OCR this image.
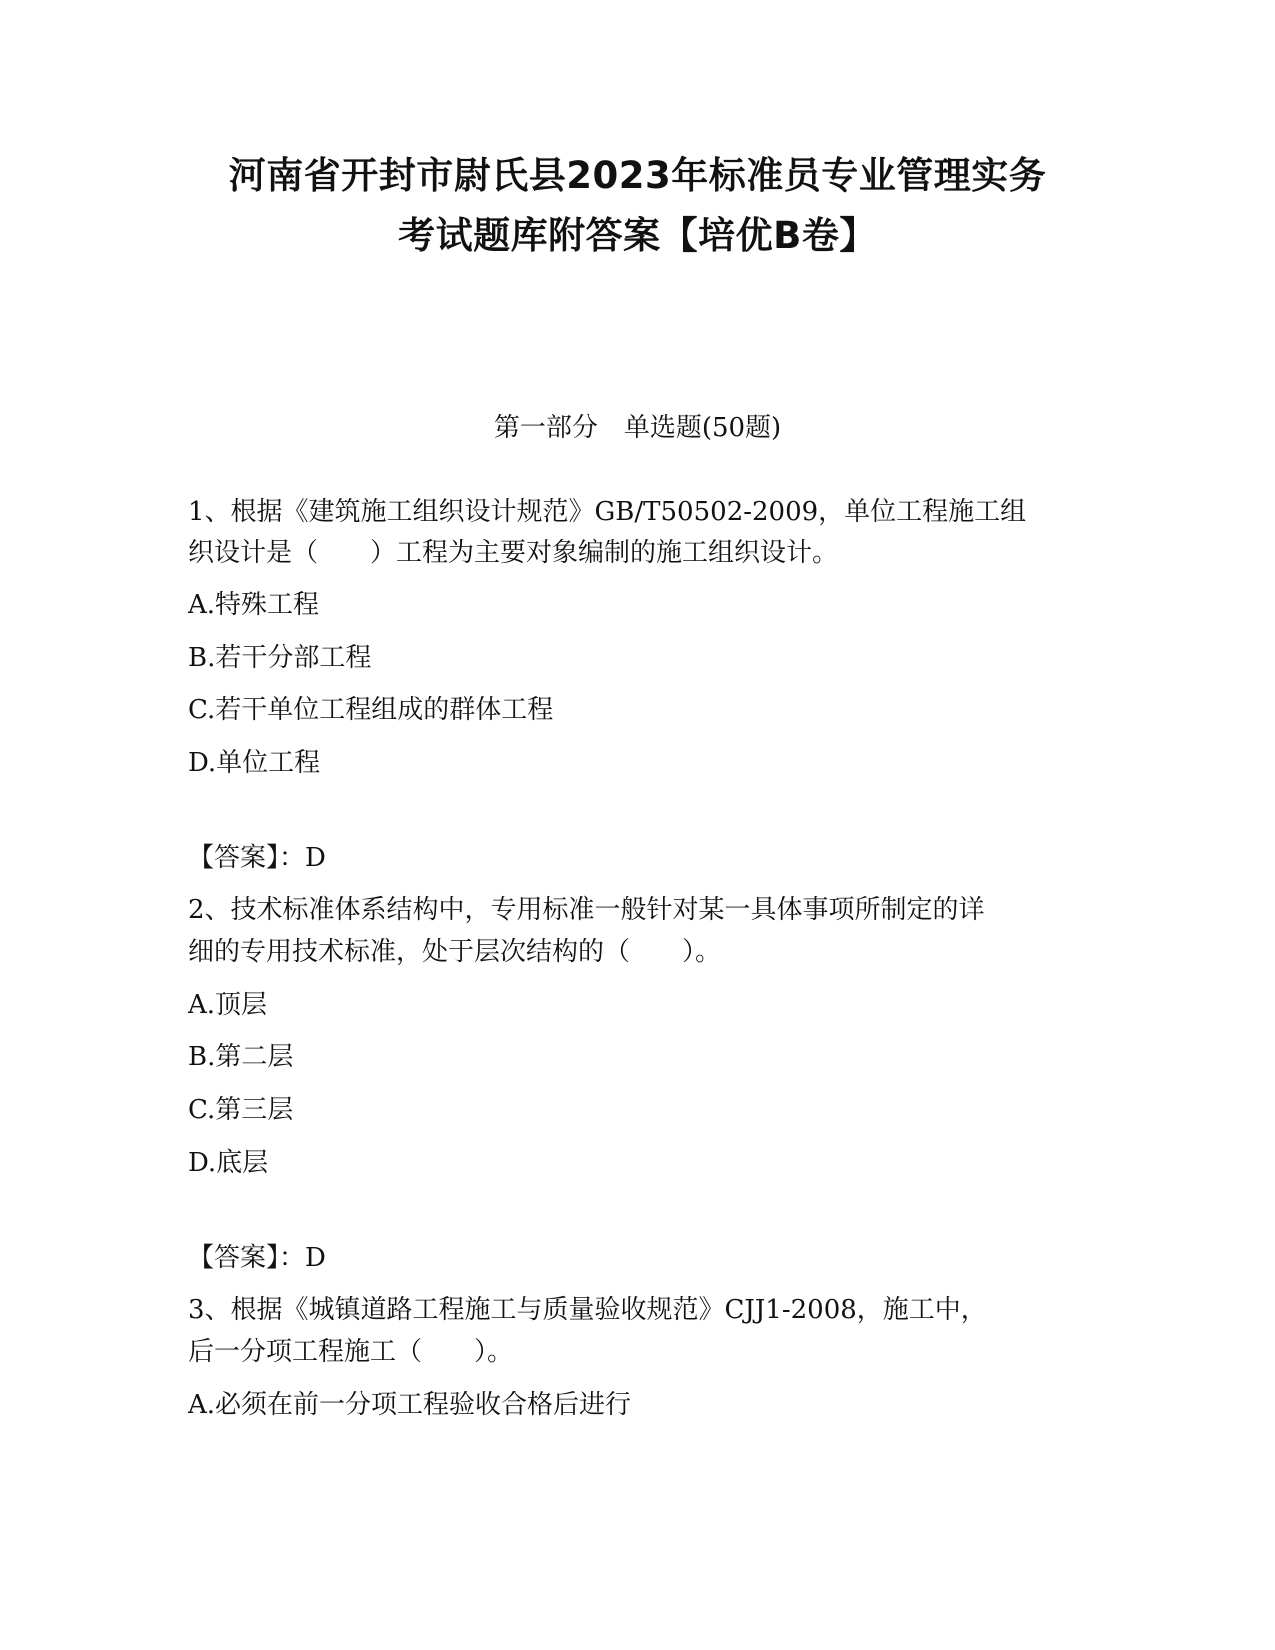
河南省开封市尉氏县2023年标准员专业管理实务
考试题库附答案【培优B卷】
第一部分　单选题(50题)
1、根据《建筑施工组织设计规范》GB/T50502-2009，单位工程施工组
织设计是（　　）工程为主要对象编制的施工组织设计。
A.特殊工程
B.若干分部工程
C.若干单位工程组成的群体工程
D.单位工程
【答案】：D
2、技术标准体系结构中，专用标准一般针对某一具体事项所制定的详
细的专用技术标准，处于层次结构的（　　）。
A.顶层
B.第二层
C.第三层
D.底层
【答案】：D
3、根据《城镇道路工程施工与质量验收规范》CJJ1-2008，施工中，
后一分项工程施工（　　）。
A.必须在前一分项工程验收合格后进行
